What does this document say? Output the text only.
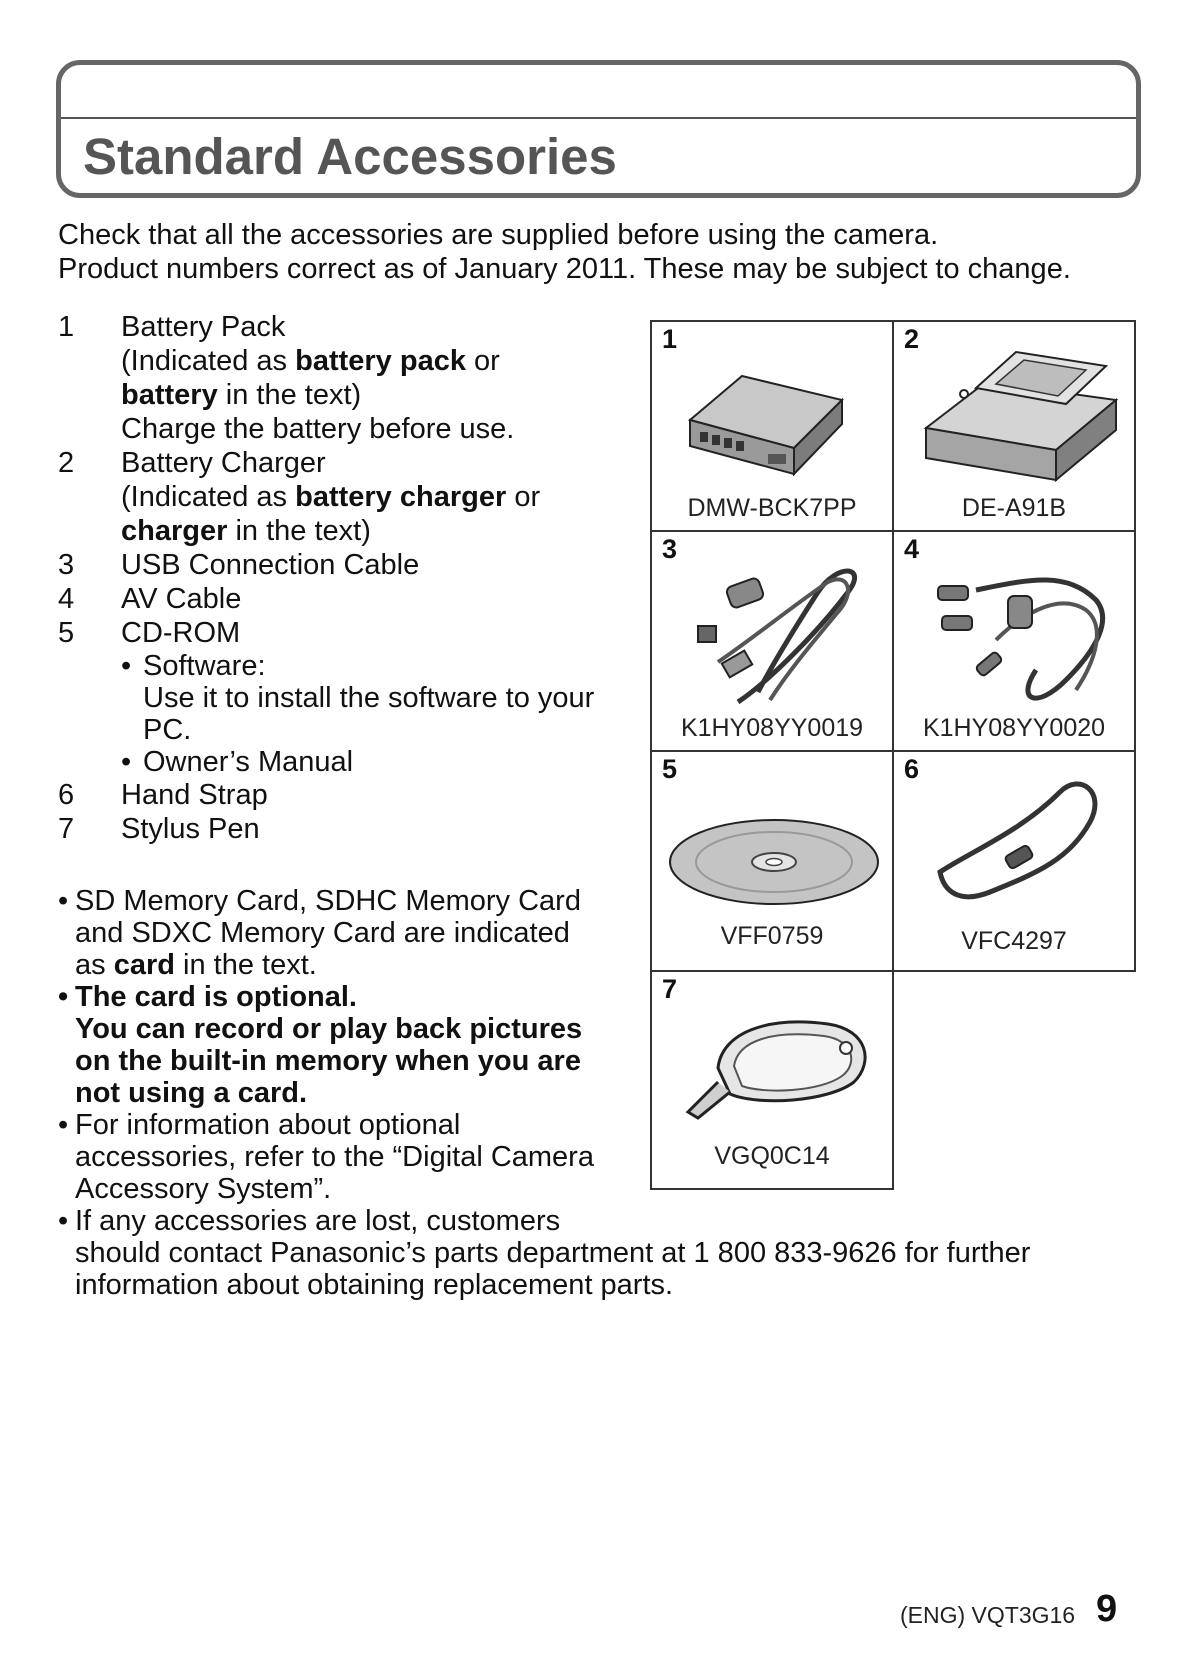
Standard Accessories
Check that all the accessories are supplied before using the camera.
Product numbers correct as of January 2011. These may be subject to change.
1	Battery Pack
(Indicated as battery pack or
battery in the text)
Charge the battery before use.
2	Battery Charger
(Indicated as battery charger or
charger in the text)
3	USB Connection Cable
4	AV Cable
5	CD-ROM
• Software:
Use it to install the software to your
PC.
• Owner’s Manual
6	Hand Strap
7	Stylus Pen
• SD Memory Card, SDHC Memory Card
and SDXC Memory Card are indicated
as card in the text.
• The card is optional.
You can record or play back pictures
on the built-in memory when you are
not using a card.
• For information about optional
accessories, refer to the “Digital Camera
Accessory System”.
• If any accessories are lost, customers
should contact Panasonic’s parts department at 1 800 833-9626 for further
information about obtaining replacement parts.
1
DMW-BCK7PP
2
DE-A91B
3
K1HY08YY0019
4
K1HY08YY0020
5
VFF0759
6
VFC4297
7
VGQ0C14
(ENG) VQT3G16 9
